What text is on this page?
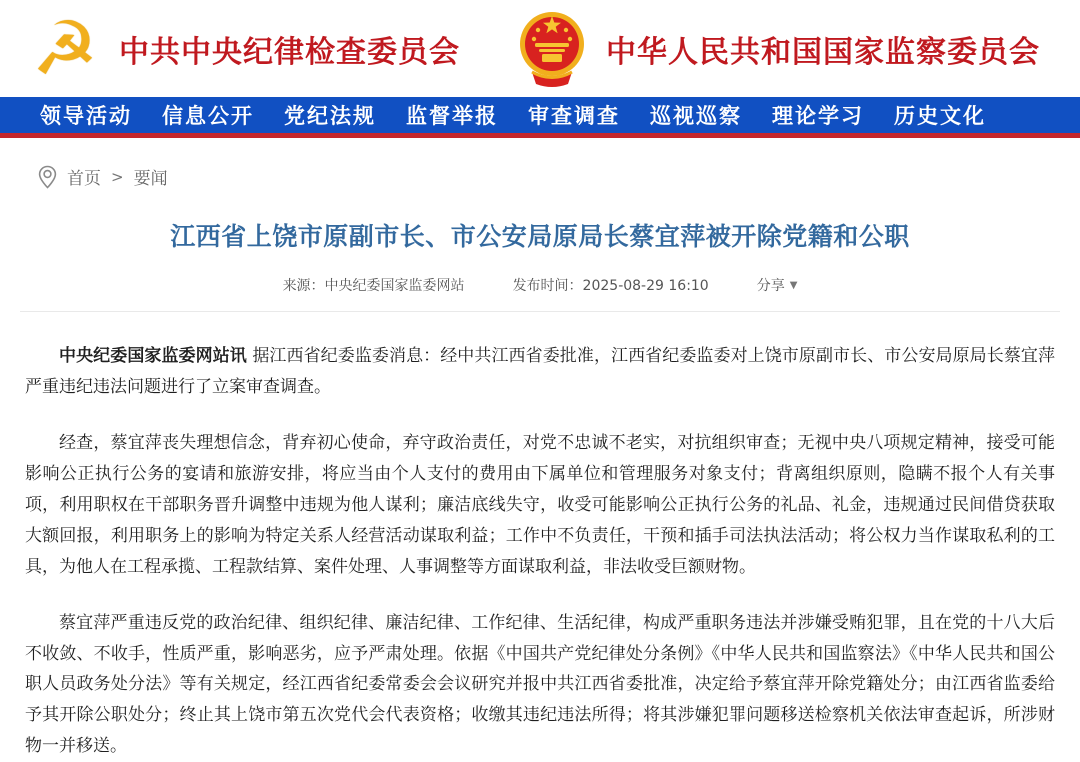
☭ 中共中央纪律检查委员会	中华人民共和国国家监察委员会
领导活动 信息公开 党纪法规 监督举报 审查调查 巡视巡察 理论学习 历史文化
首页 > 要闻
江西省上饶市原副市长、市公安局原局长蔡宜萍被开除党籍和公职
来源：中央纪委国家监委网站	发布时间：2025-08-29 16:10	分享 ▼

中央纪委国家监委网站讯 据江西省纪委监委消息：经中共江西省委批准，江西省纪委监委对上饶市原副市长、市公安局原局长蔡宜萍严重违纪违法问题进行了立案审查调查。

经查，蔡宜萍丧失理想信念，背弃初心使命，弃守政治责任，对党不忠诚不老实，对抗组织审查；无视中央八项规定精神，接受可能影响公正执行公务的宴请和旅游安排，将应当由个人支付的费用由下属单位和管理服务对象支付；背离组织原则，隐瞒不报个人有关事项，利用职权在干部职务晋升调整中违规为他人谋利；廉洁底线失守，收受可能影响公正执行公务的礼品、礼金，违规通过民间借贷获取大额回报，利用职务上的影响为特定关系人经营活动谋取利益；工作中不负责任，干预和插手司法执法活动；将公权力当作谋取私利的工具，为他人在工程承揽、工程款结算、案件处理、人事调整等方面谋取利益，非法收受巨额财物。

蔡宜萍严重违反党的政治纪律、组织纪律、廉洁纪律、工作纪律、生活纪律，构成严重职务违法并涉嫌受贿犯罪，且在党的十八大后不收敛、不收手，性质严重，影响恶劣，应予严肃处理。依据《中国共产党纪律处分条例》《中华人民共和国监察法》《中华人民共和国公职人员政务处分法》等有关规定，经江西省纪委常委会会议研究并报中共江西省委批准，决定给予蔡宜萍开除党籍处分；由江西省监委给予其开除公职处分；终止其上饶市第五次党代会代表资格；收缴其违纪违法所得；将其涉嫌犯罪问题移送检察机关依法审查起诉，所涉财物一并移送。
